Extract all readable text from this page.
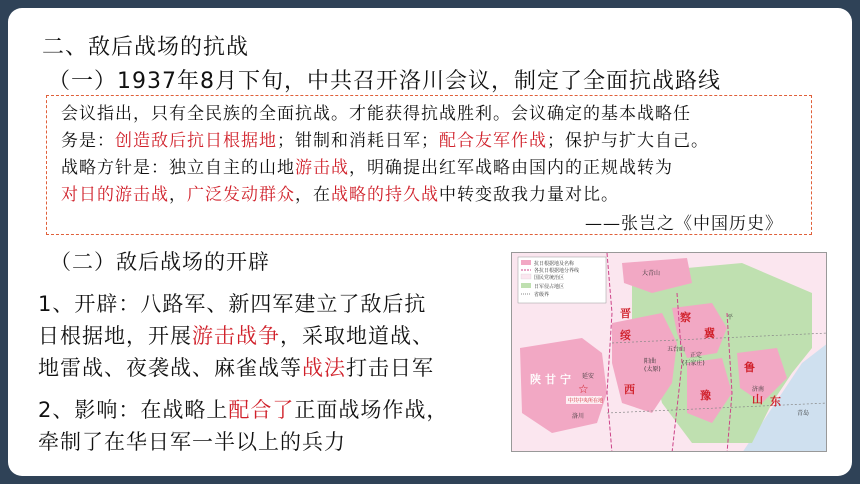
二、敌后战场的抗战
（一）1937年8月下旬，中共召开洛川会议，制定了全面抗战路线
会议指出，只有全民族的全面抗战。才能获得抗战胜利。会议确定的基本战略任
务是：创造敌后抗日根据地；钳制和消耗日军；配合友军作战；保护与扩大自己。
战略方针是：独立自主的山地游击战，明确提出红军战略由国内的正规战转为
对日的游击战，广泛发动群众，在战略的持久战中转变敌我力量对比。
——张岂之《中国历史》
（二）敌后战场的开辟
1、开辟：八路军、新四军建立了敌后抗
日根据地，开展游击战争，采取地道战、
地雷战、夜袭战、麻雀战等战法打击日军
2、影响：在战略上配合了正面战场作战，
牵制了在华日军一半以上的兵力
抗日根据地及名称
各抗日根据地分界线
国民党统治区
日军侵占地区
省级界
陕 甘 宁
晋
绥
察
冀
鲁
豫	山 东
西
大青山
延安
洛川
阳曲
(太原)
五台山
正定
(石家庄)
济南
青岛
平
☆
中共中央所在地
